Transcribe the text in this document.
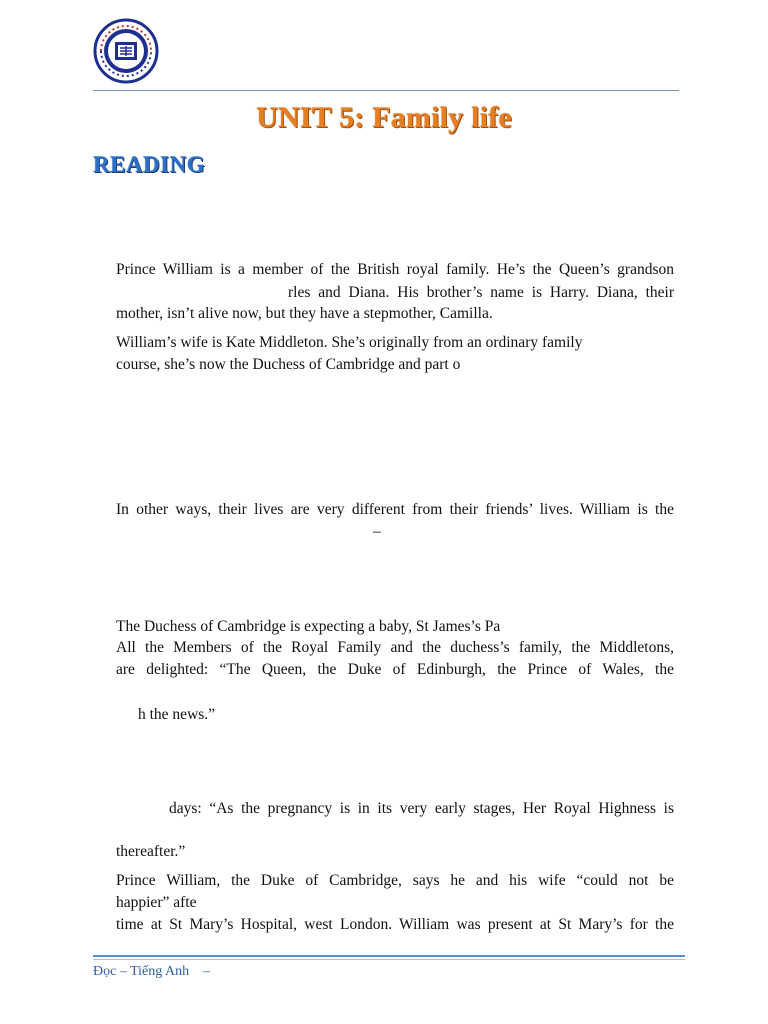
UNIT 5: Family life
READING
Prince William is a member of the British royal family. He’s the Queen’s grandson
rles and Diana. His brother’s name is Harry. Diana, their
mother, isn’t alive now, but they have a stepmother, Camilla.
William’s wife is Kate Middleton. She’s originally from an ordinary family
course, she’s now the Duchess of Cambridge and part o
In other ways, their lives are very different from their friends’ lives. William is the
–
The Duchess of Cambridge is expecting a baby, St James’s Pa
All the Members of the Royal Family and the duchess’s family, the Middletons,
are delighted: “The Queen, the Duke of Edinburgh, the Prince of Wales, the
h the news.”
days: “As the pregnancy is in its very early stages, Her Royal Highness is
thereafter.”
Prince William, the Duke of Cambridge, says he and his wife “could not be
happier” afte
time at St Mary’s Hospital, west London. William was present at St Mary’s for the
Đọc – Tiếng Anh    –
